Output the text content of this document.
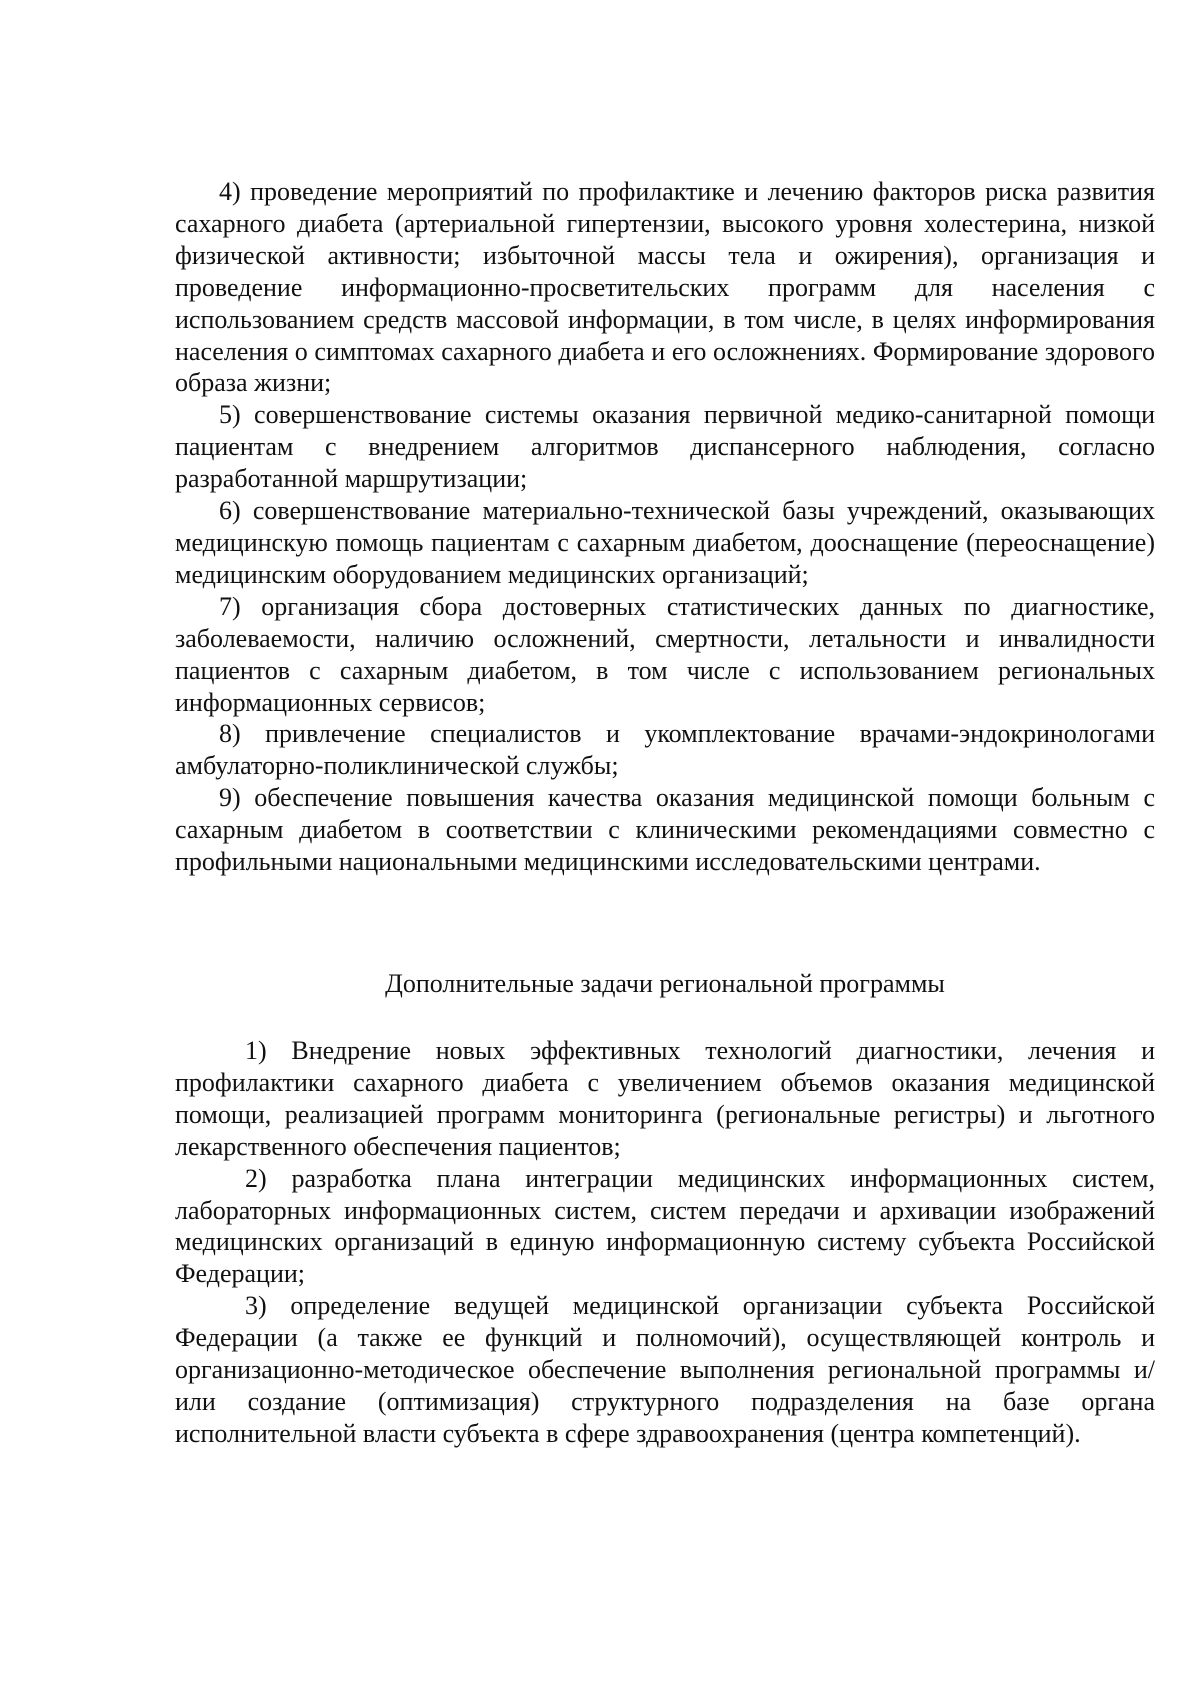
4) проведение мероприятий по профилактике и лечению факторов риска развития сахарного диабета (артериальной гипертензии, высокого уровня холестерина, низкой физической активности; избыточной массы тела и ожирения), организация и проведение информационно-просветительских программ для населения с использованием средств массовой информации, в том числе, в целях информирования населения о симптомах сахарного диабета и его осложнениях. Формирование здорового образа жизни;

5) совершенствование системы оказания первичной медико-санитарной помощи пациентам с внедрением алгоритмов диспансерного наблюдения, согласно разработанной маршрутизации;

6) совершенствование материально-технической базы учреждений, оказывающих медицинскую помощь пациентам с сахарным диабетом, дооснащение (переоснащение) медицинским оборудованием медицинских организаций;

7) организация сбора достоверных статистических данных по диагностике, заболеваемости, наличию осложнений, смертности, летальности и инвалидности пациентов с сахарным диабетом, в том числе с использованием региональных информационных сервисов;

8) привлечение специалистов и укомплектование врачами-эндокринологами амбулаторно-поликлинической службы;

9) обеспечение повышения качества оказания медицинской помощи больным с сахарным диабетом в соответствии с клиническими рекомендациями совместно с профильными национальными медицинскими исследовательскими центрами.

Дополнительные задачи региональной программы

1) Внедрение новых эффективных технологий диагностики, лечения и профилактики сахарного диабета с увеличением объемов оказания медицинской помощи, реализацией программ мониторинга (региональные регистры) и льготного лекарственного обеспечения пациентов;

2) разработка плана интеграции медицинских информационных систем, лабораторных информационных систем, систем передачи и архивации изображений медицинских организаций в единую информационную систему субъекта Российской Федерации;

3) определение ведущей медицинской организации субъекта Российской Федерации (а также ее функций и полномочий), осуществляющей контроль и организационно-методическое обеспечение выполнения региональной программы и/или создание (оптимизация) структурного подразделения на базе органа исполнительной власти субъекта в сфере здравоохранения (центра компетенций).
